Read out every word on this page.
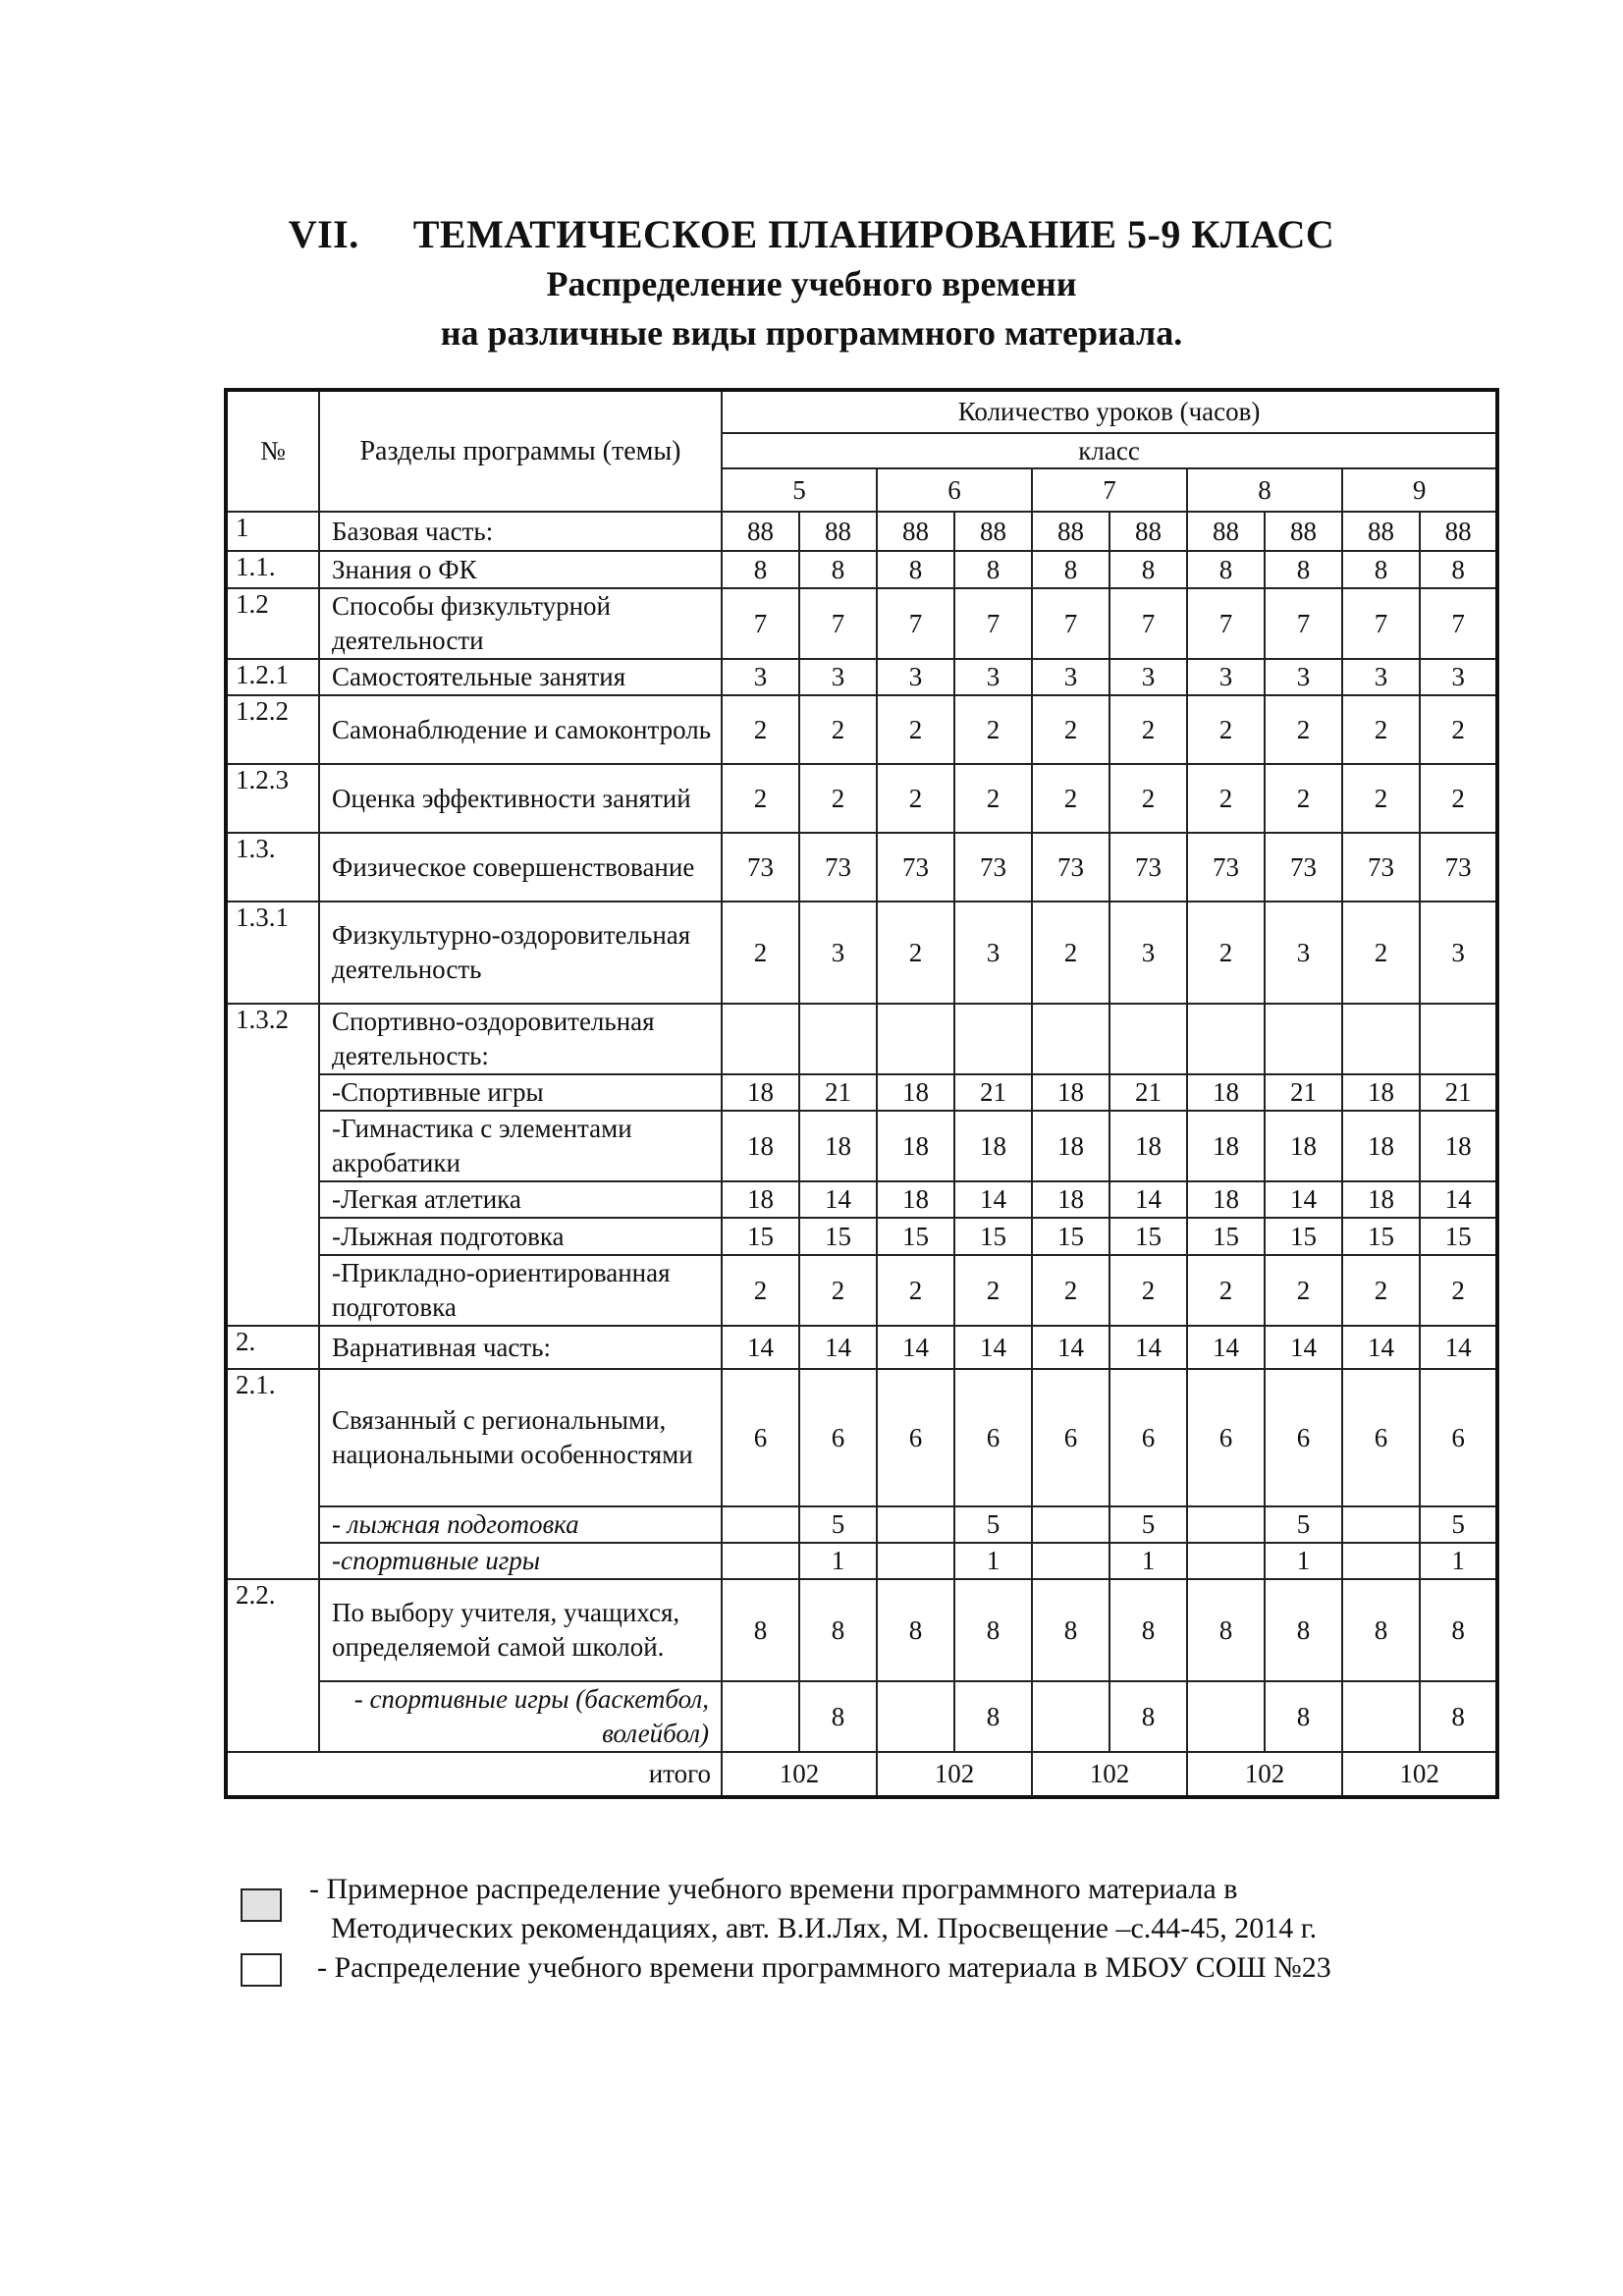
VII. ТЕМАТИЧЕСКОЕ ПЛАНИРОВАНИЕ 5-9 КЛАСС
Распределение учебного времени
на различные виды программного материала.
№	Разделы программы (темы)	Количество уроков (часов)									
		класс									
		5		6		7		8		9	
1	Базовая часть:	88	88	88	88	88	88	88	88	88	88
1.1.	Знания о ФК	8	8	8	8	8	8	8	8	8	8
1.2	Способы физкультурной деятельности	7	7	7	7	7	7	7	7	7	7
1.2.1	Самостоятельные занятия	3	3	3	3	3	3	3	3	3	3
1.2.2	Самонаблюдение и самоконтроль	2	2	2	2	2	2	2	2	2	2
1.2.3	Оценка эффективности занятий	2	2	2	2	2	2	2	2	2	2
1.3.	Физическое совершенствование	73	73	73	73	73	73	73	73	73	73
1.3.1	Физкультурно-оздоровительная деятельность	2	3	2	3	2	3	2	3	2	3
1.3.2	Спортивно-оздоровительная деятельность:										
	-Спортивные игры	18	21	18	21	18	21	18	21	18	21
	-Гимнастика с элементами акробатики	18	18	18	18	18	18	18	18	18	18
	-Легкая атлетика	18	14	18	14	18	14	18	14	18	14
	-Лыжная подготовка	15	15	15	15	15	15	15	15	15	15
	-Прикладно-ориентированная подготовка	2	2	2	2	2	2	2	2	2	2
2.	Варнативная часть:	14	14	14	14	14	14	14	14	14	14
2.1.	Связанный с региональными, национальными особенностями	6	6	6	6	6	6	6	6	6	6
	- лыжная подготовка		5		5		5		5		5
	-спортивные игры		1		1		1		1		1
2.2.	По выбору учителя, учащихся, определяемой самой школой.	8	8	8	8	8	8	8	8	8	8
	- спортивные игры (баскетбол, волейбол)		8		8		8		8		8
итого		102		102		102		102		102	
- Примерное распределение учебного времени программного материала в
Методических рекомендациях, авт. В.И.Лях, М. Просвещение –с.44-45, 2014 г.
- Распределение учебного времени программного материала в МБОУ СОШ №23
